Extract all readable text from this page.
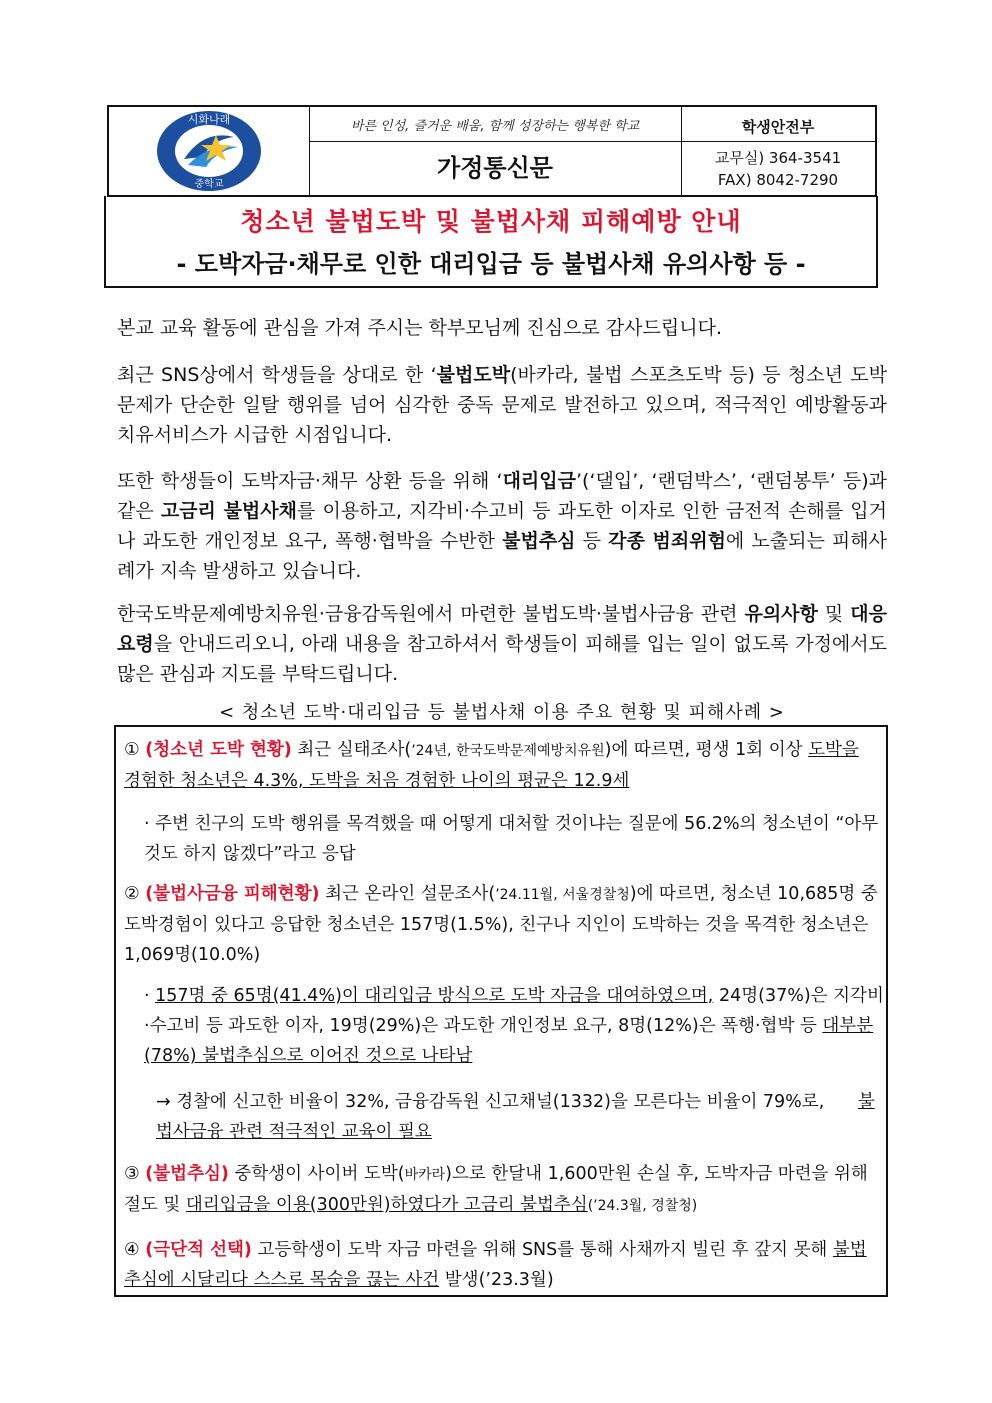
시화나래
중학교
바른 인성, 즐거운 배움, 함께 성장하는 행복한 학교
가정통신문
학생안전부
교무실) 364-3541
FAX) 8042-7290
청소년 불법도박 및 불법사채 피해예방 안내
- 도박자금·채무로 인한 대리입금 등 불법사채 유의사항 등 -
본교 교육 활동에 관심을 가져 주시는 학부모님께 진심으로 감사드립니다.
최근 SNS상에서 학생들을 상대로 한 ‘불법도박(바카라, 불법 스포츠도박 등) 등 청소년 도박 문제가 단순한 일탈 행위를 넘어 심각한 중독 문제로 발전하고 있으며, 적극적인 예방활동과 치유서비스가 시급한 시점입니다.
또한 학생들이 도박자금·채무 상환 등을 위해 ‘대리입금’(‘댈입’, ‘랜덤박스’, ‘랜덤봉투’ 등)과 같은 고금리 불법사채를 이용하고, 지각비·수고비 등 과도한 이자로 인한 금전적 손해를 입거나 과도한 개인정보 요구, 폭행·협박을 수반한 불법추심 등 각종 범죄위험에 노출되는 피해사례가 지속 발생하고 있습니다.
한국도박문제예방치유원·금융감독원에서 마련한 불법도박·불법사금융 관련 유의사항 및 대응요령을 안내드리오니, 아래 내용을 참고하셔서 학생들이 피해를 입는 일이 없도록 가정에서도 많은 관심과 지도를 부탁드립니다.
< 청소년 도박·대리입금 등 불법사채 이용 주요 현황 및 피해사례 >
① (청소년 도박 현황) 최근 실태조사(’24년, 한국도박문제예방치유원)에 따르면, 평생 1회 이상 도박을 경험한 청소년은 4.3%, 도박을 처음 경험한 나이의 평균은 12.9세
· 주변 친구의 도박 행위를 목격했을 때 어떻게 대처할 것이냐는 질문에 56.2%의 청소년이 “아무것도 하지 않겠다”라고 응답
② (불법사금융 피해현황) 최근 온라인 설문조사(’24.11월, 서울경찰청)에 따르면, 청소년 10,685명 중 도박경험이 있다고 응답한 청소년은 157명(1.5%), 친구나 지인이 도박하는 것을 목격한 청소년은 1,069명(10.0%)
· 157명 중 65명(41.4%)이 대리입금 방식으로 도박 자금을 대여하였으며, 24명(37%)은 지각비·수고비 등 과도한 이자, 19명(29%)은 과도한 개인정보 요구, 8명(12%)은 폭행·협박 등 대부분(78%) 불법추심으로 이어진 것으로 나타남
→ 경찰에 신고한 비율이 32%, 금융감독원 신고채널(1332)을 모른다는 비율이 79%로, 불법사금융 관련 적극적인 교육이 필요
③ (불법추심) 중학생이 사이버 도박(바카라)으로 한달내 1,600만원 손실 후, 도박자금 마련을 위해 절도 및 대리입금을 이용(300만원)하였다가 고금리 불법추심(’24.3월, 경찰청)
④ (극단적 선택) 고등학생이 도박 자금 마련을 위해 SNS를 통해 사채까지 빌린 후 갚지 못해 불법추심에 시달리다 스스로 목숨을 끊는 사건 발생(’23.3월)
